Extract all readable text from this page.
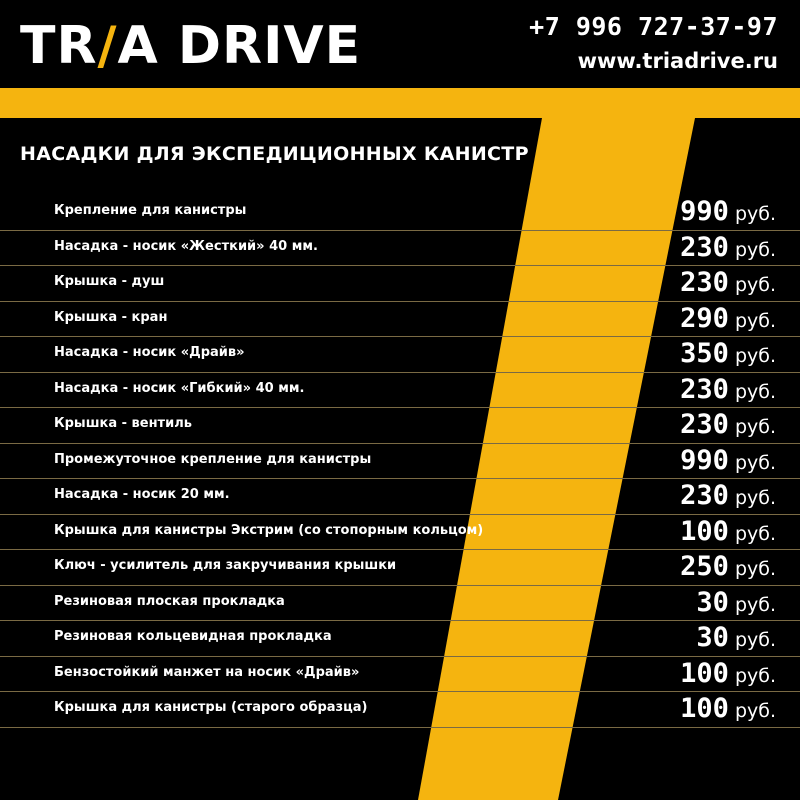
TR/A DRIVE	+7 996 727-37-97
www.triadrive.ru
НАСАДКИ ДЛЯ ЭКСПЕДИЦИОННЫХ КАНИСТР
Крепление для канистры	990 руб.
Насадка - носик «Жесткий» 40 мм.	230 руб.
Крышка - душ	230 руб.
Крышка - кран	290 руб.
Насадка - носик «Драйв»	350 руб.
Насадка - носик «Гибкий» 40 мм.	230 руб.
Крышка - вентиль	230 руб.
Промежуточное крепление для канистры	990 руб.
Насадка - носик 20 мм.	230 руб.
Крышка для канистры Экстрим (со стопорным кольцом)	100 руб.
Ключ - усилитель для закручивания крышки	250 руб.
Резиновая плоская прокладка	30 руб.
Резиновая кольцевидная прокладка	30 руб.
Бензостойкий манжет на носик «Драйв»	100 руб.
Крышка для канистры (старого образца)	100 руб.
